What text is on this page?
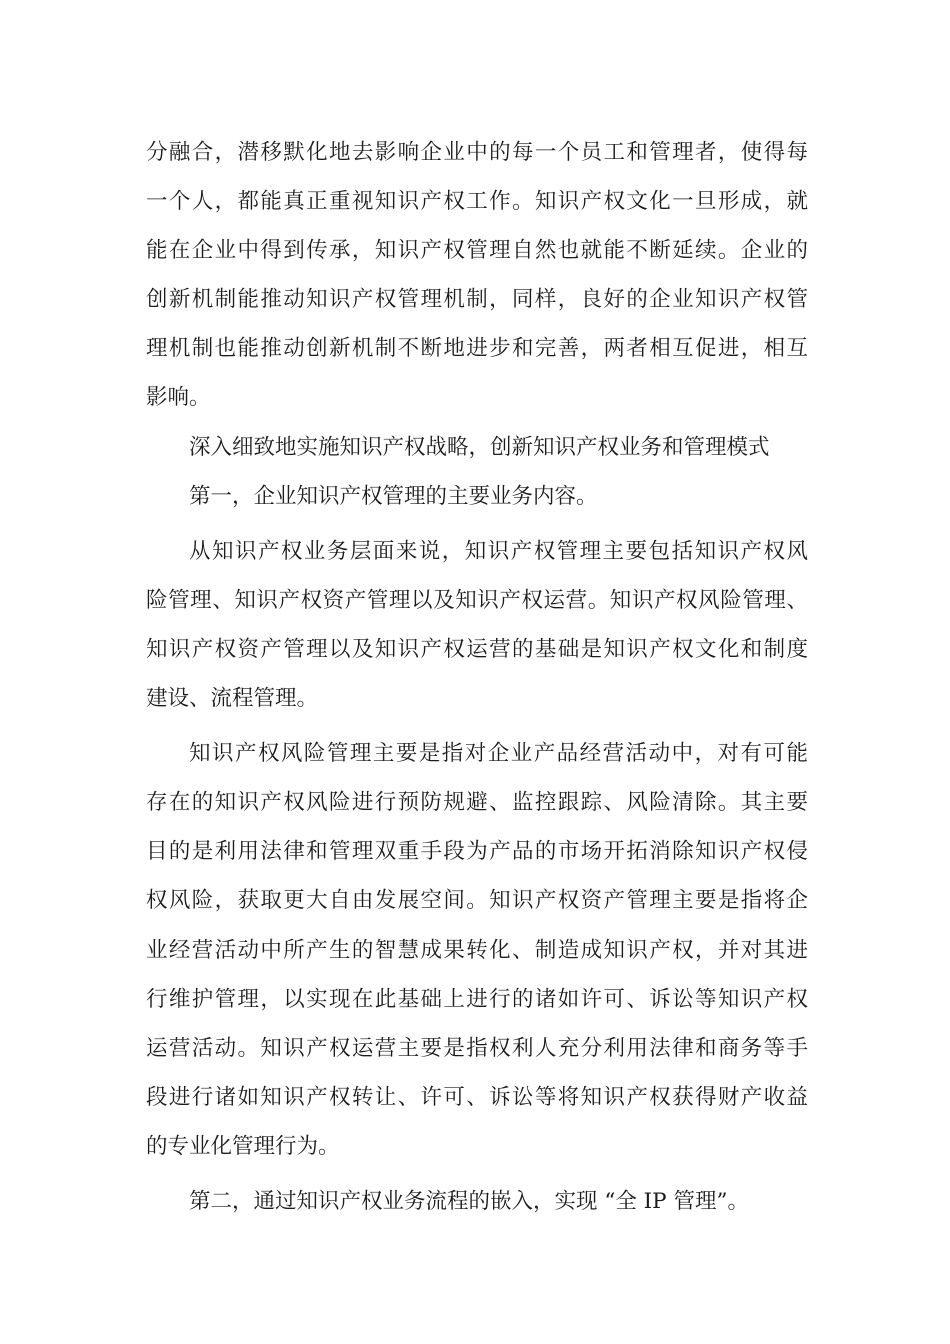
分融合，潜移默化地去影响企业中的每一个员工和管理者，使得每
一个人，都能真正重视知识产权工作。知识产权文化一旦形成，就
能在企业中得到传承，知识产权管理自然也就能不断延续。企业的
创新机制能推动知识产权管理机制，同样，良好的企业知识产权管
理机制也能推动创新机制不断地进步和完善，两者相互促进，相互
影响。
深入细致地实施知识产权战略，创新知识产权业务和管理模式
第一，企业知识产权管理的主要业务内容。
从知识产权业务层面来说，知识产权管理主要包括知识产权风
险管理、知识产权资产管理以及知识产权运营。知识产权风险管理、
知识产权资产管理以及知识产权运营的基础是知识产权文化和制度
建设、流程管理。
知识产权风险管理主要是指对企业产品经营活动中，对有可能
存在的知识产权风险进行预防规避、监控跟踪、风险清除。其主要
目的是利用法律和管理双重手段为产品的市场开拓消除知识产权侵
权风险，获取更大自由发展空间。知识产权资产管理主要是指将企
业经营活动中所产生的智慧成果转化、制造成知识产权，并对其进
行维护管理，以实现在此基础上进行的诸如许可、诉讼等知识产权
运营活动。知识产权运营主要是指权利人充分利用法律和商务等手
段进行诸如知识产权转让、许可、诉讼等将知识产权获得财产收益
的专业化管理行为。
第二，通过知识产权业务流程的嵌入，实现 “全 IP 管理”。
